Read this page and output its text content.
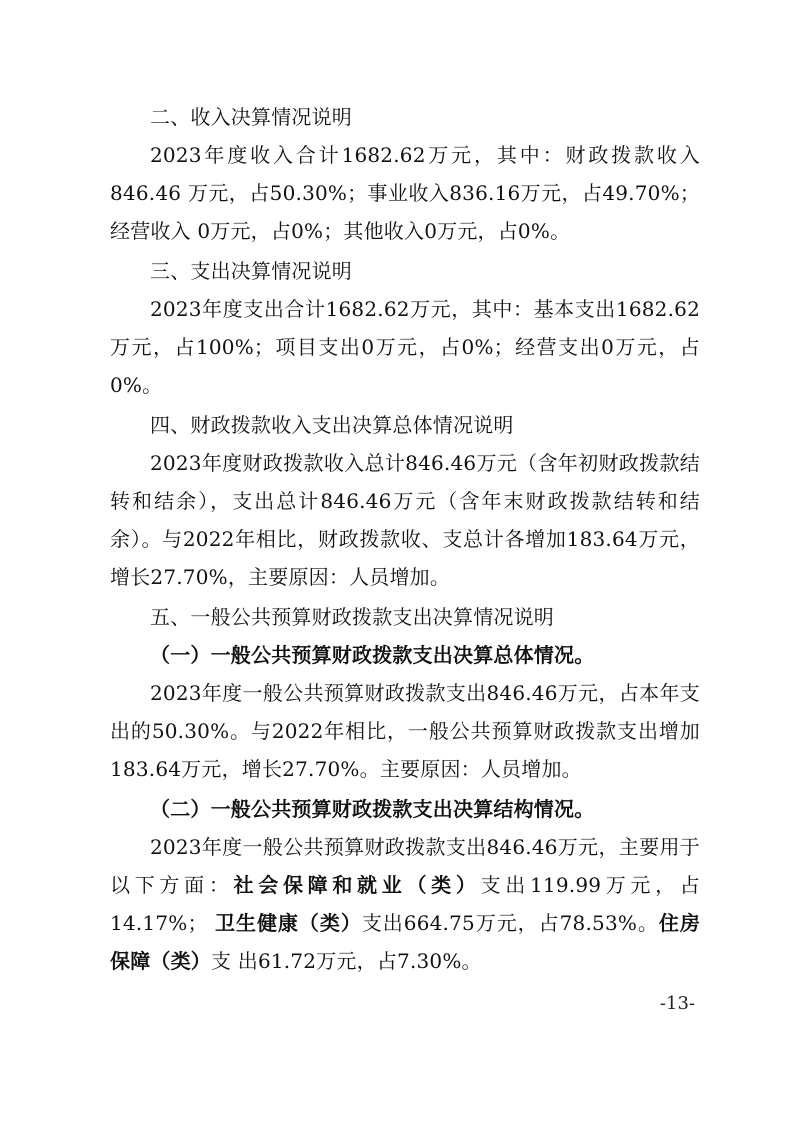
二、收入决算情况说明

2023年度收入合计1682.62万元，其中：财政拨款收入846.46 万元，占50.30%；事业收入836.16万元，占49.70%；经营收入 0万元，占0%；其他收入0万元，占0%。

三、支出决算情况说明

2023年度支出合计1682.62万元，其中：基本支出1682.62万元，占100%；项目支出0万元，占0%；经营支出0万元，占0%。

四、财政拨款收入支出决算总体情况说明

2023年度财政拨款收入总计846.46万元（含年初财政拨款结转和结余），支出总计846.46万元（含年末财政拨款结转和结余）。与2022年相比，财政拨款收、支总计各增加183.64万元， 增长27.70%，主要原因：人员增加。

五、一般公共预算财政拨款支出决算情况说明

（一）一般公共预算财政拨款支出决算总体情况。

2023年度一般公共预算财政拨款支出846.46万元，占本年支出的50.30%。与2022年相比，一般公共预算财政拨款支出增加183.64万元，增长27.70%。主要原因：人员增加。

（二）一般公共预算财政拨款支出决算结构情况。

2023年度一般公共预算财政拨款支出846.46万元，主要用于以下方面：社会保障和就业（类）支出119.99万元，占14.17%； 卫生健康（类）支出664.75万元，占78.53%。住房保障（类）支 出61.72万元，占7.30%。

-13-
